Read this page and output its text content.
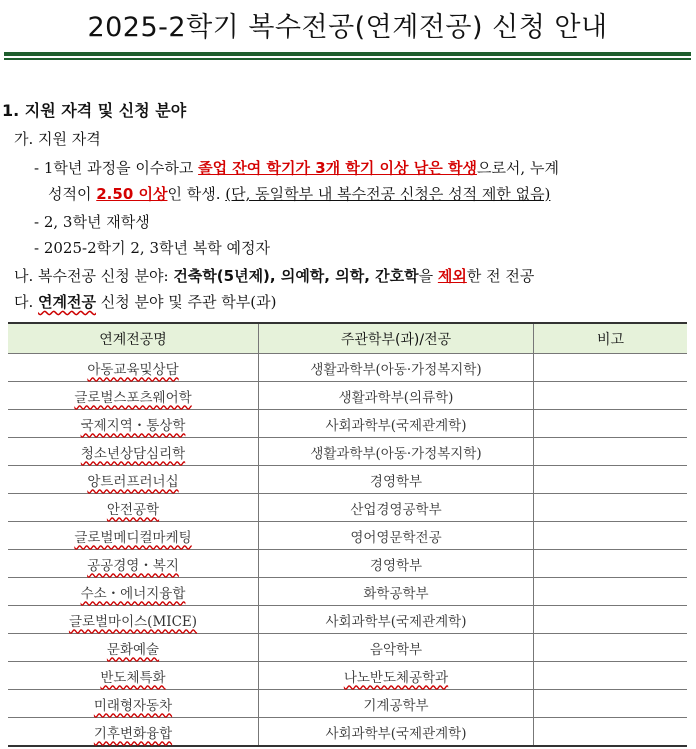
2025-2학기 복수전공(연계전공) 신청 안내
1. 지원 자격 및 신청 분야
가. 지원 자격
- 1학년 과정을 이수하고 졸업 잔여 학기가 3개 학기 이상 남은 학생으로서, 누계
성적이 2.50 이상인 학생. (단, 동일학부 내 복수전공 신청은 성적 제한 없음)
- 2, 3학년 재학생
- 2025-2학기 2, 3학년 복학 예정자
나. 복수전공 신청 분야: 건축학(5년제), 의예학, 의학, 간호학을 제외한 전 전공
다. 연계전공 신청 분야 및 주관 학부(과)
연계전공명	주관학부(과)/전공	비고
아동교육및상담	생활과학부(아동·가정복지학)	
글로벌스포츠웨어학	생활과학부(의류학)	
국제지역・통상학	사회과학부(국제관계학)	
청소년상담심리학	생활과학부(아동·가정복지학)	
앙트러프러너십	경영학부	
안전공학	산업경영공학부	
글로벌메디컬마케팅	영어영문학전공	
공공경영・복지	경영학부	
수소・에너지융합	화학공학부	
글로벌마이스(MICE)	사회과학부(국제관계학)	
문화예술	음악학부	
반도체특화	나노반도체공학과	
미래형자동차	기계공학부	
기후변화융합	사회과학부(국제관계학)	
